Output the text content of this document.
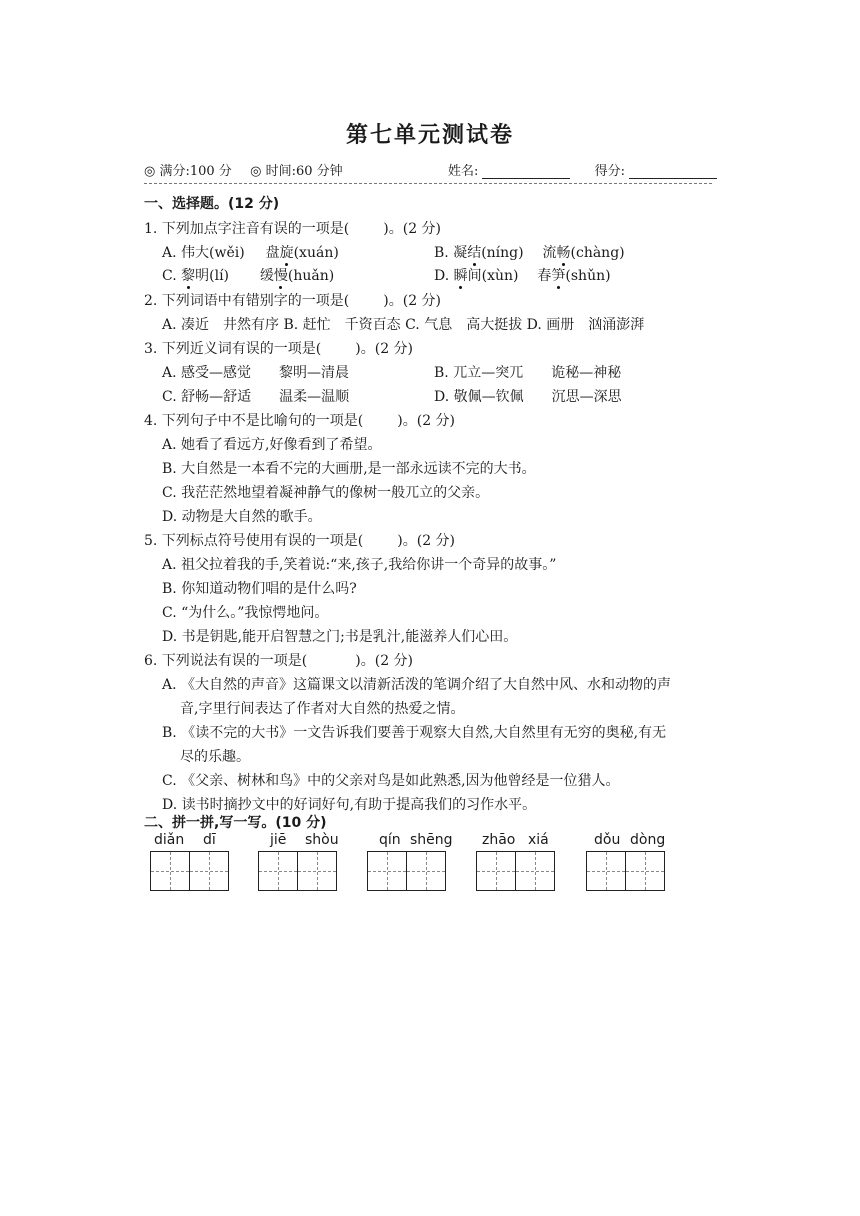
第七单元测试卷
◎ 满分:100 分 ◎ 时间:60 分钟	姓名:	得分:
一、选择题。(12 分)
1. 下列加点字注音有误的一项是( )。(2 分)
A. 伟大(wěi) 盘旋(xuán)	B. 凝结(níng) 流畅(chàng)
C. 黎明(lí) 缓慢(huǎn)	D. 瞬间(xùn) 春笋(shǔn)
2. 下列词语中有错别字的一项是( )。(2 分)
A. 凑近　井然有序 B. 赶忙　千资百态 C. 气息　高大挺拔 D. 画册　汹涌澎湃
3. 下列近义词有误的一项是( )。(2 分)
A. 感受—感觉　　黎明—清晨	B. 兀立—突兀　　诡秘—神秘
C. 舒畅—舒适　　温柔—温顺	D. 敬佩—钦佩　　沉思—深思
4. 下列句子中不是比喻句的一项是( )。(2 分)
A. 她看了看远方,好像看到了希望。
B. 大自然是一本看不完的大画册,是一部永远读不完的大书。
C. 我茫茫然地望着凝神静气的像树一般兀立的父亲。
D. 动物是大自然的歌手。
5. 下列标点符号使用有误的一项是( )。(2 分)
A. 祖父拉着我的手,笑着说:“来,孩子,我给你讲一个奇异的故事。”
B. 你知道动物们唱的是什么吗?
C. “为什么。”我惊愕地问。
D. 书是钥匙,能开启智慧之门;书是乳汁,能滋养人们心田。
6. 下列说法有误的一项是(	)。(2 分)
A. 《大自然的声音》这篇课文以清新活泼的笔调介绍了大自然中风、水和动物的声
音,字里行间表达了作者对大自然的热爱之情。
B. 《读不完的大书》一文告诉我们要善于观察大自然,大自然里有无穷的奥秘,有无
尽的乐趣。
C. 《父亲、树林和鸟》中的父亲对鸟是如此熟悉,因为他曾经是一位猎人。
D. 读书时摘抄文中的好词好句,有助于提高我们的习作水平。
二、拼一拼,写一写。(10 分)
diǎn dī	jiē shòu	qín shēng zhāo xiá	dǒu dòng
